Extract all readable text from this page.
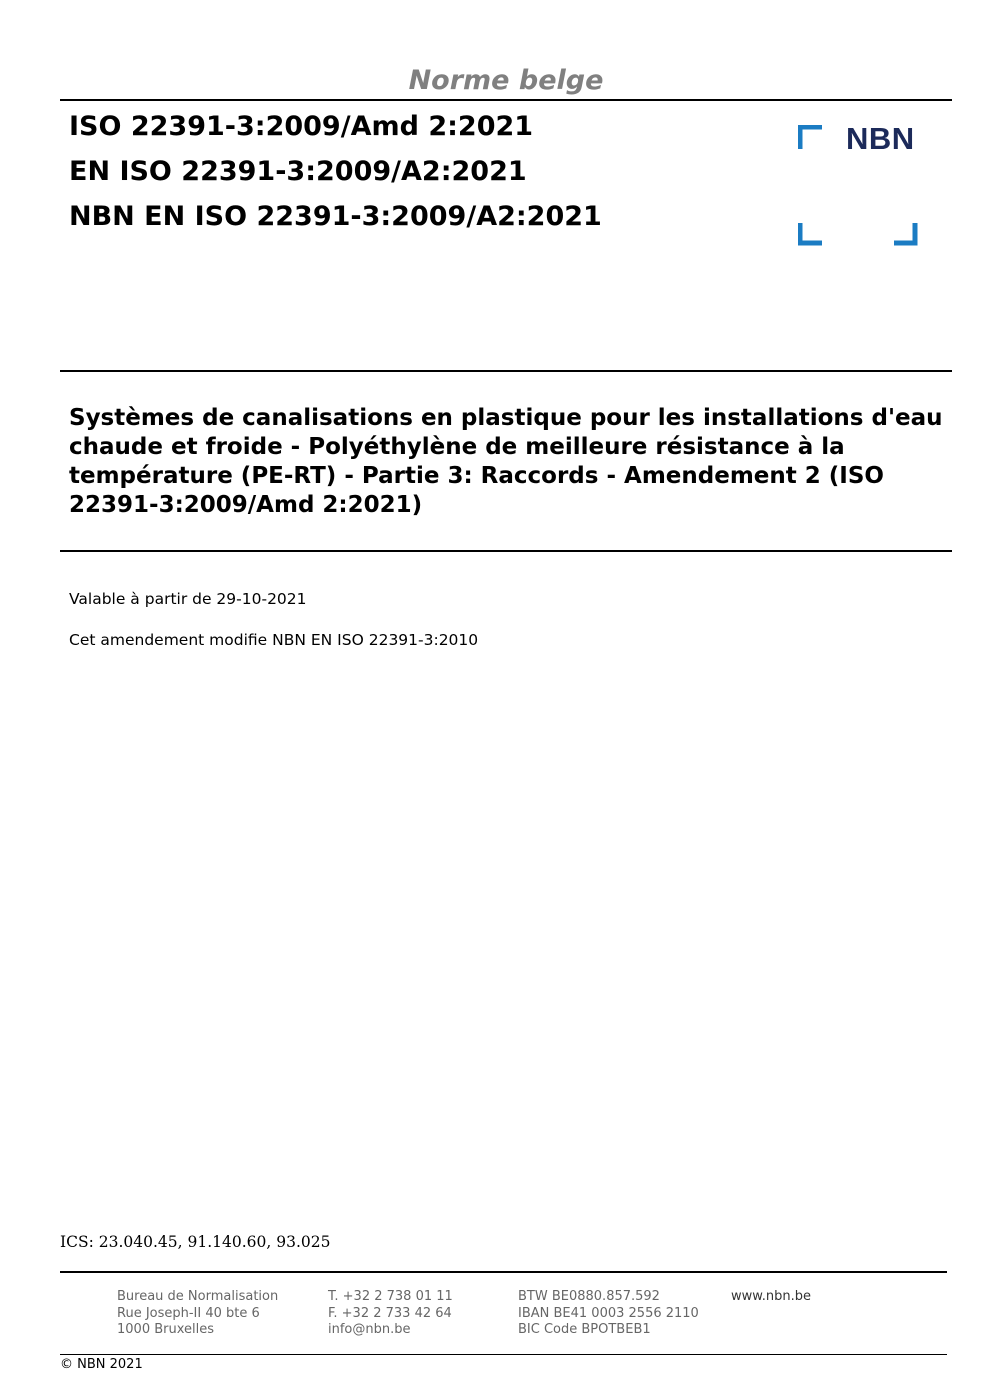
Norme belge
ISO 22391-3:2009/Amd 2:2021
EN ISO 22391-3:2009/A2:2021
NBN EN ISO 22391-3:2009/A2:2021
NBN
Systèmes de canalisations en plastique pour les installations d'eau chaude et froide - Polyéthylène de meilleure résistance à la température (PE-RT) - Partie 3: Raccords - Amendement 2 (ISO 22391-3:2009/Amd 2:2021)
Valable à partir de 29-10-2021
Cet amendement modifie NBN EN ISO 22391-3:2010
ICS: 23.040.45, 91.140.60, 93.025
Bureau de Normalisation
Rue Joseph-II 40 bte 6
1000 Bruxelles
T. +32 2 738 01 11
F. +32 2 733 42 64
info@nbn.be
BTW BE0880.857.592
IBAN BE41 0003 2556 2110
BIC Code BPOTBEB1
www.nbn.be
© NBN 2021
